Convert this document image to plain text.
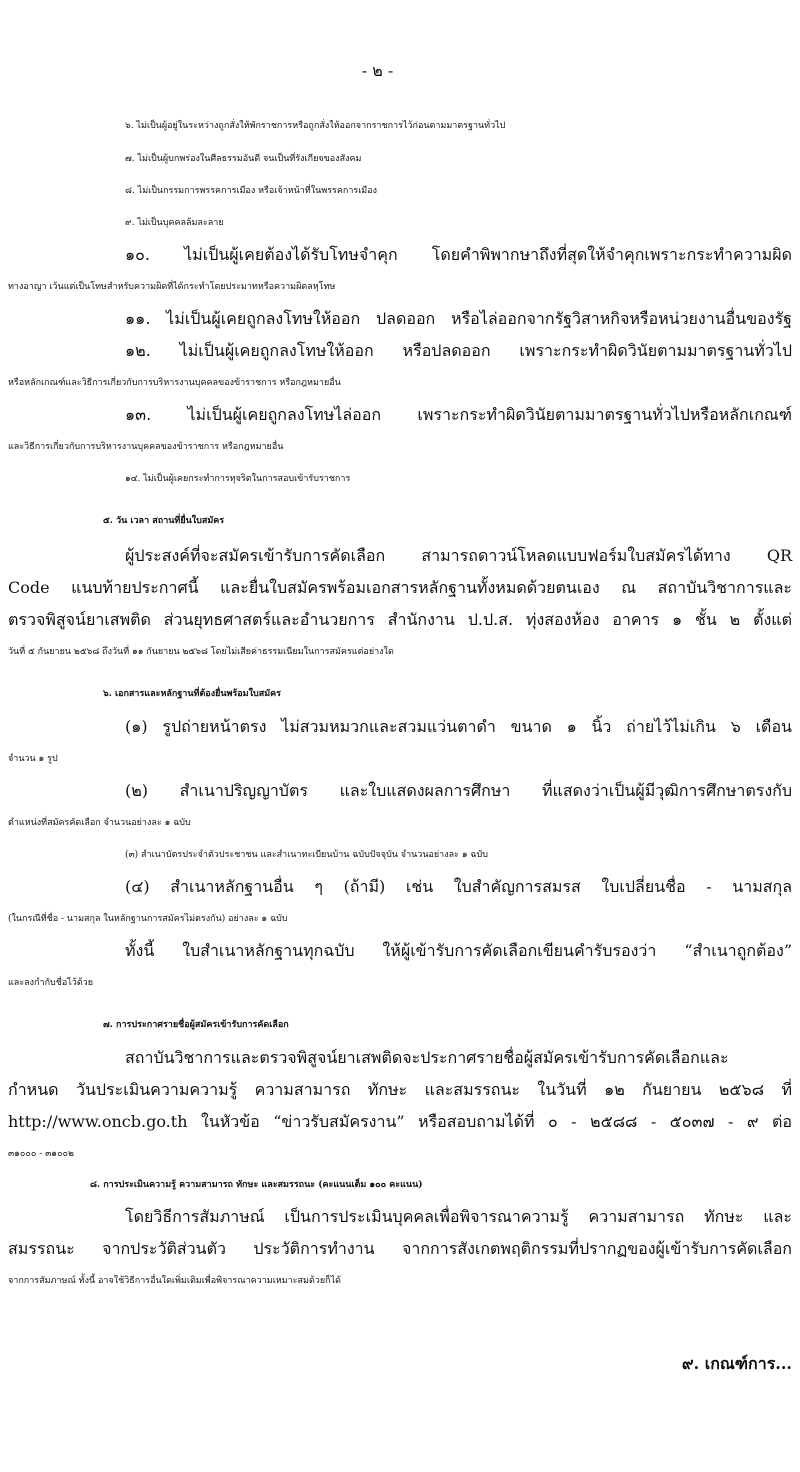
- ๒ -
๖. ไม่เป็นผู้อยู่ในระหว่างถูกสั่งให้พักราชการหรือถูกสั่งให้ออกจากราชการไว้ก่อนตามมาตรฐานทั่วไป
๗. ไม่เป็นผู้บกพร่องในศีลธรรมอันดี จนเป็นที่รังเกียจของสังคม
๘. ไม่เป็นกรรมการพรรคการเมือง หรือเจ้าหน้าที่ในพรรคการเมือง
๙. ไม่เป็นบุคคลล้มละลาย
๑๐. ไม่เป็นผู้เคยต้องได้รับโทษจำคุก โดยคำพิพากษาถึงที่สุดให้จำคุกเพราะกระทำความผิด
ทางอาญา เว้นแต่เป็นโทษสำหรับความผิดที่ได้กระทำโดยประมาทหรือความผิดลหุโทษ
๑๑. ไม่เป็นผู้เคยถูกลงโทษให้ออก ปลดออก หรือไล่ออกจากรัฐวิสาหกิจหรือหน่วยงานอื่นของรัฐ
๑๒. ไม่เป็นผู้เคยถูกลงโทษให้ออก หรือปลดออก เพราะกระทำผิดวินัยตามมาตรฐานทั่วไป
หรือหลักเกณฑ์และวิธีการเกี่ยวกับการบริหารงานบุคคลของข้าราชการ หรือกฎหมายอื่น
๑๓. ไม่เป็นผู้เคยถูกลงโทษไล่ออก เพราะกระทำผิดวินัยตามมาตรฐานทั่วไปหรือหลักเกณฑ์
และวิธีการเกี่ยวกับการบริหารงานบุคคลของข้าราชการ หรือกฎหมายอื่น
๑๔. ไม่เป็นผู้เคยกระทำการทุจริตในการสอบเข้ารับราชการ
๕. วัน เวลา สถานที่ยื่นใบสมัคร
ผู้ประสงค์ที่จะสมัครเข้ารับการคัดเลือก สามารถดาวน์โหลดแบบฟอร์มใบสมัครได้ทาง QR
Code แนบท้ายประกาศนี้ และยื่นใบสมัครพร้อมเอกสารหลักฐานทั้งหมดด้วยตนเอง ณ สถาบันวิชาการและ
ตรวจพิสูจน์ยาเสพติด ส่วนยุทธศาสตร์และอำนวยการ สำนักงาน ป.ป.ส. ทุ่งสองห้อง อาคาร ๑ ชั้น ๒ ตั้งแต่
วันที่ ๕ กันยายน ๒๕๖๘ ถึงวันที่ ๑๑ กันยายน ๒๕๖๘ โดยไม่เสียค่าธรรมเนียมในการสมัครแต่อย่างใด
๖. เอกสารและหลักฐานที่ต้องยื่นพร้อมใบสมัคร
(๑) รูปถ่ายหน้าตรง ไม่สวมหมวกและสวมแว่นตาดำ ขนาด ๑ นิ้ว ถ่ายไว้ไม่เกิน ๖ เดือน
จำนวน ๑ รูป
(๒) สำเนาปริญญาบัตร และใบแสดงผลการศึกษา ที่แสดงว่าเป็นผู้มีวุฒิการศึกษาตรงกับ
ตำแหน่งที่สมัครคัดเลือก จำนวนอย่างละ ๑ ฉบับ
(๓) สำเนาบัตรประจำตัวประชาชน และสำเนาทะเบียนบ้าน ฉบับปัจจุบัน จำนวนอย่างละ ๑ ฉบับ
(๔) สำเนาหลักฐานอื่น ๆ (ถ้ามี) เช่น ใบสำคัญการสมรส ใบเปลี่ยนชื่อ - นามสกุล
(ในกรณีที่ชื่อ - นามสกุล ในหลักฐานการสมัครไม่ตรงกัน) อย่างละ ๑ ฉบับ
ทั้งนี้ ใบสำเนาหลักฐานทุกฉบับ ให้ผู้เข้ารับการคัดเลือกเขียนคำรับรองว่า “สำเนาถูกต้อง”
และลงกำกับชื่อไว้ด้วย
๗. การประกาศรายชื่อผู้สมัครเข้ารับการคัดเลือก
สถาบันวิชาการและตรวจพิสูจน์ยาเสพติดจะประกาศรายชื่อผู้สมัครเข้ารับการคัดเลือกและ
กำหนด วันประเมินความความรู้ ความสามารถ ทักษะ และสมรรถนะ ในวันที่ ๑๒ กันยายน ๒๕๖๘ ที่
http://www.oncb.go.th ในหัวข้อ “ข่าวรับสมัครงาน” หรือสอบถามได้ที่ ๐ - ๒๕๘๘ - ๕๐๓๗ - ๙ ต่อ
๓๑๐๐๐ - ๓๑๐๐๒
๘. การประเมินความรู้ ความสามารถ ทักษะ และสมรรถนะ (คะแนนเต็ม ๑๐๐ คะแนน)
โดยวิธีการสัมภาษณ์ เป็นการประเมินบุคคลเพื่อพิจารณาความรู้ ความสามารถ ทักษะ และ
สมรรถนะ จากประวัติส่วนตัว ประวัติการทำงาน จากการสังเกตพฤติกรรมที่ปรากฏของผู้เข้ารับการคัดเลือก
จากการสัมภาษณ์ ทั้งนี้ อาจใช้วิธีการอื่นใดเพิ่มเติมเพื่อพิจารณาความเหมาะสมด้วยก็ได้
๙. เกณฑ์การ...
